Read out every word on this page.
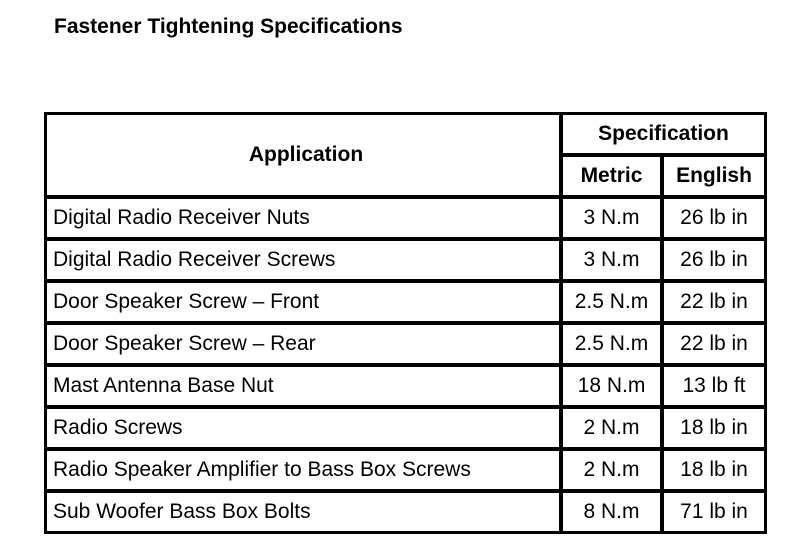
Fastener Tightening Specifications
Application	Specification	
	Metric	English
Digital Radio Receiver Nuts	3 N.m	26 lb in
Digital Radio Receiver Screws	3 N.m	26 lb in
Door Speaker Screw – Front	2.5 N.m	22 lb in
Door Speaker Screw – Rear	2.5 N.m	22 lb in
Mast Antenna Base Nut	18 N.m	13 lb ft
Radio Screws	2 N.m	18 lb in
Radio Speaker Amplifier to Bass Box Screws	2 N.m	18 lb in
Sub Woofer Bass Box Bolts	8 N.m	71 lb in
